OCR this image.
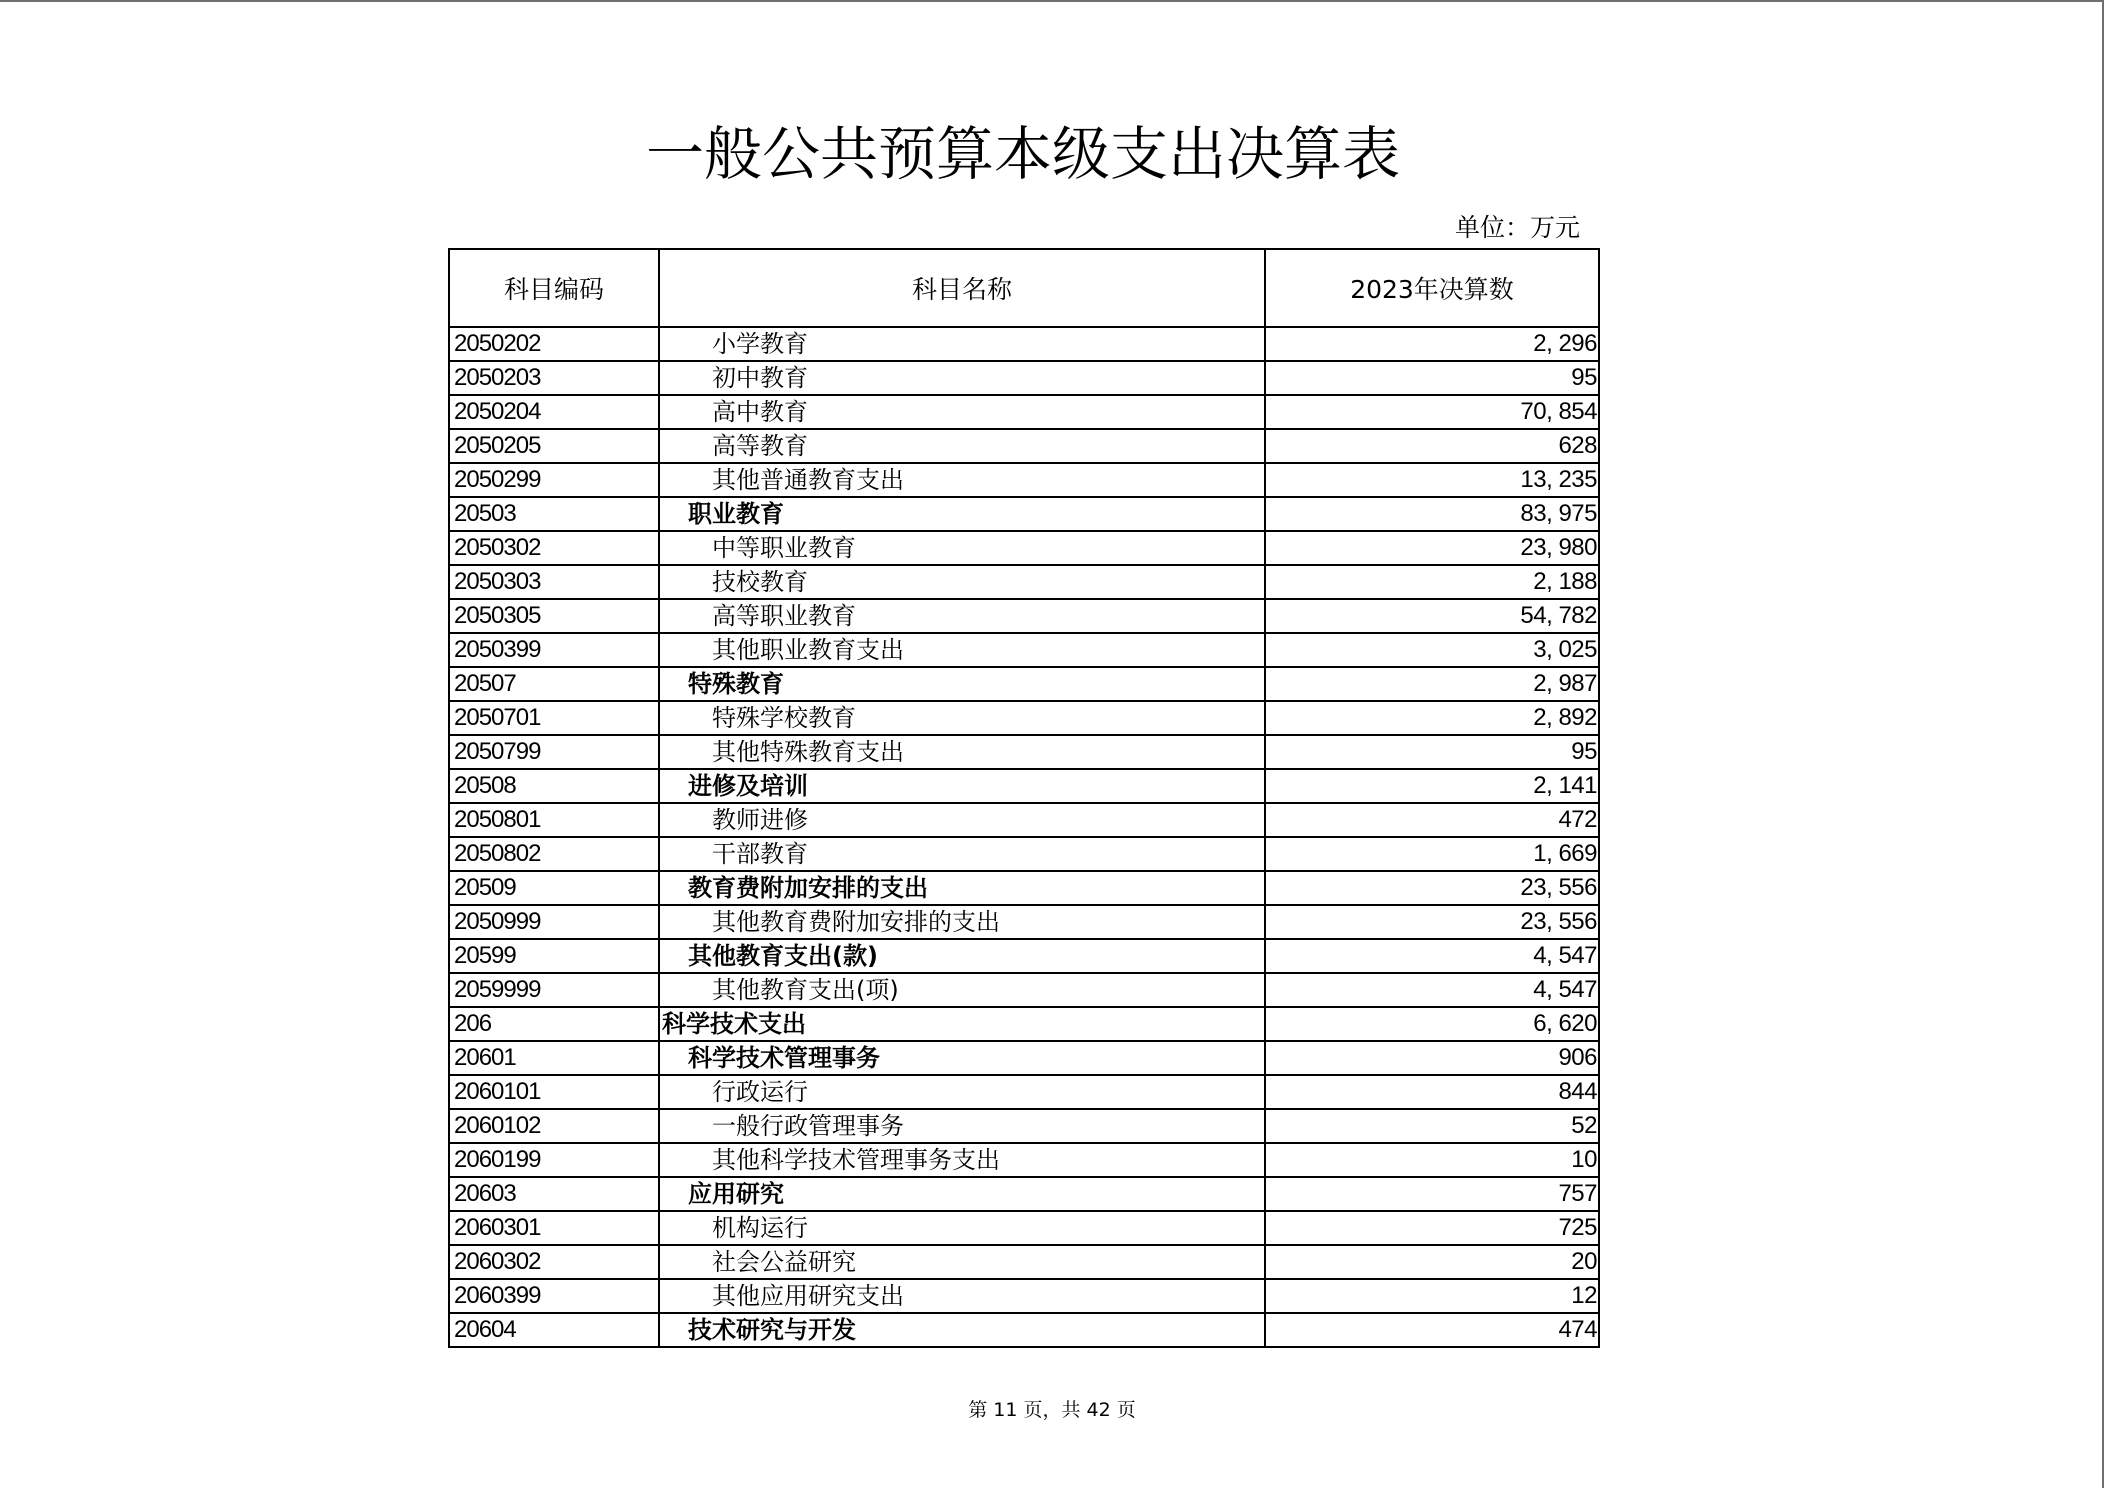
一般公共预算本级支出决算表
单位：万元
科目编码	科目名称	2023年决算数
2050202	小学教育	2, 296
2050203	初中教育	95
2050204	高中教育	70, 854
2050205	高等教育	628
2050299	其他普通教育支出	13, 235
20503	职业教育	83, 975
2050302	中等职业教育	23, 980
2050303	技校教育	2, 188
2050305	高等职业教育	54, 782
2050399	其他职业教育支出	3, 025
20507	特殊教育	2, 987
2050701	特殊学校教育	2, 892
2050799	其他特殊教育支出	95
20508	进修及培训	2, 141
2050801	教师进修	472
2050802	干部教育	1, 669
20509	教育费附加安排的支出	23, 556
2050999	其他教育费附加安排的支出	23, 556
20599	其他教育支出(款)	4, 547
2059999	其他教育支出(项)	4, 547
206	科学技术支出	6, 620
20601	科学技术管理事务	906
2060101	行政运行	844
2060102	一般行政管理事务	52
2060199	其他科学技术管理事务支出	10
20603	应用研究	757
2060301	机构运行	725
2060302	社会公益研究	20
2060399	其他应用研究支出	12
20604	技术研究与开发	474
第 11 页，共 42 页
